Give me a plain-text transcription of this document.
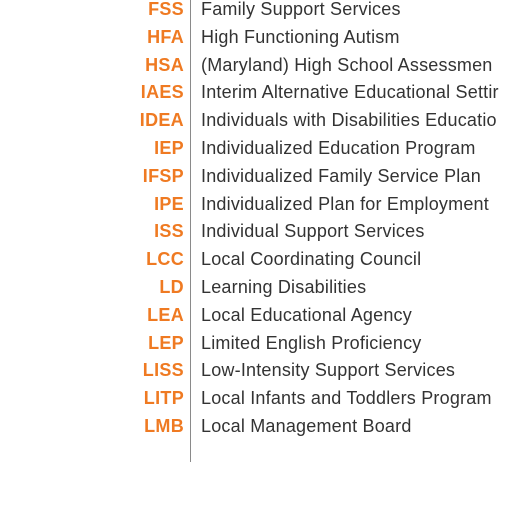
FSS Family Support Services
HFA High Functioning Autism
HSA (Maryland) High School Assessmen
IAES Interim Alternative Educational Settir
IDEA Individuals with Disabilities Educatio
IEP Individualized Education Program
IFSP Individualized Family Service Plan
IPE Individualized Plan for Employment
ISS Individual Support Services
LCC Local Coordinating Council
LD Learning Disabilities
LEA Local Educational Agency
LEP Limited English Proficiency
LISS Low-Intensity Support Services
LITP Local Infants and Toddlers Program
LMB Local Management Board
